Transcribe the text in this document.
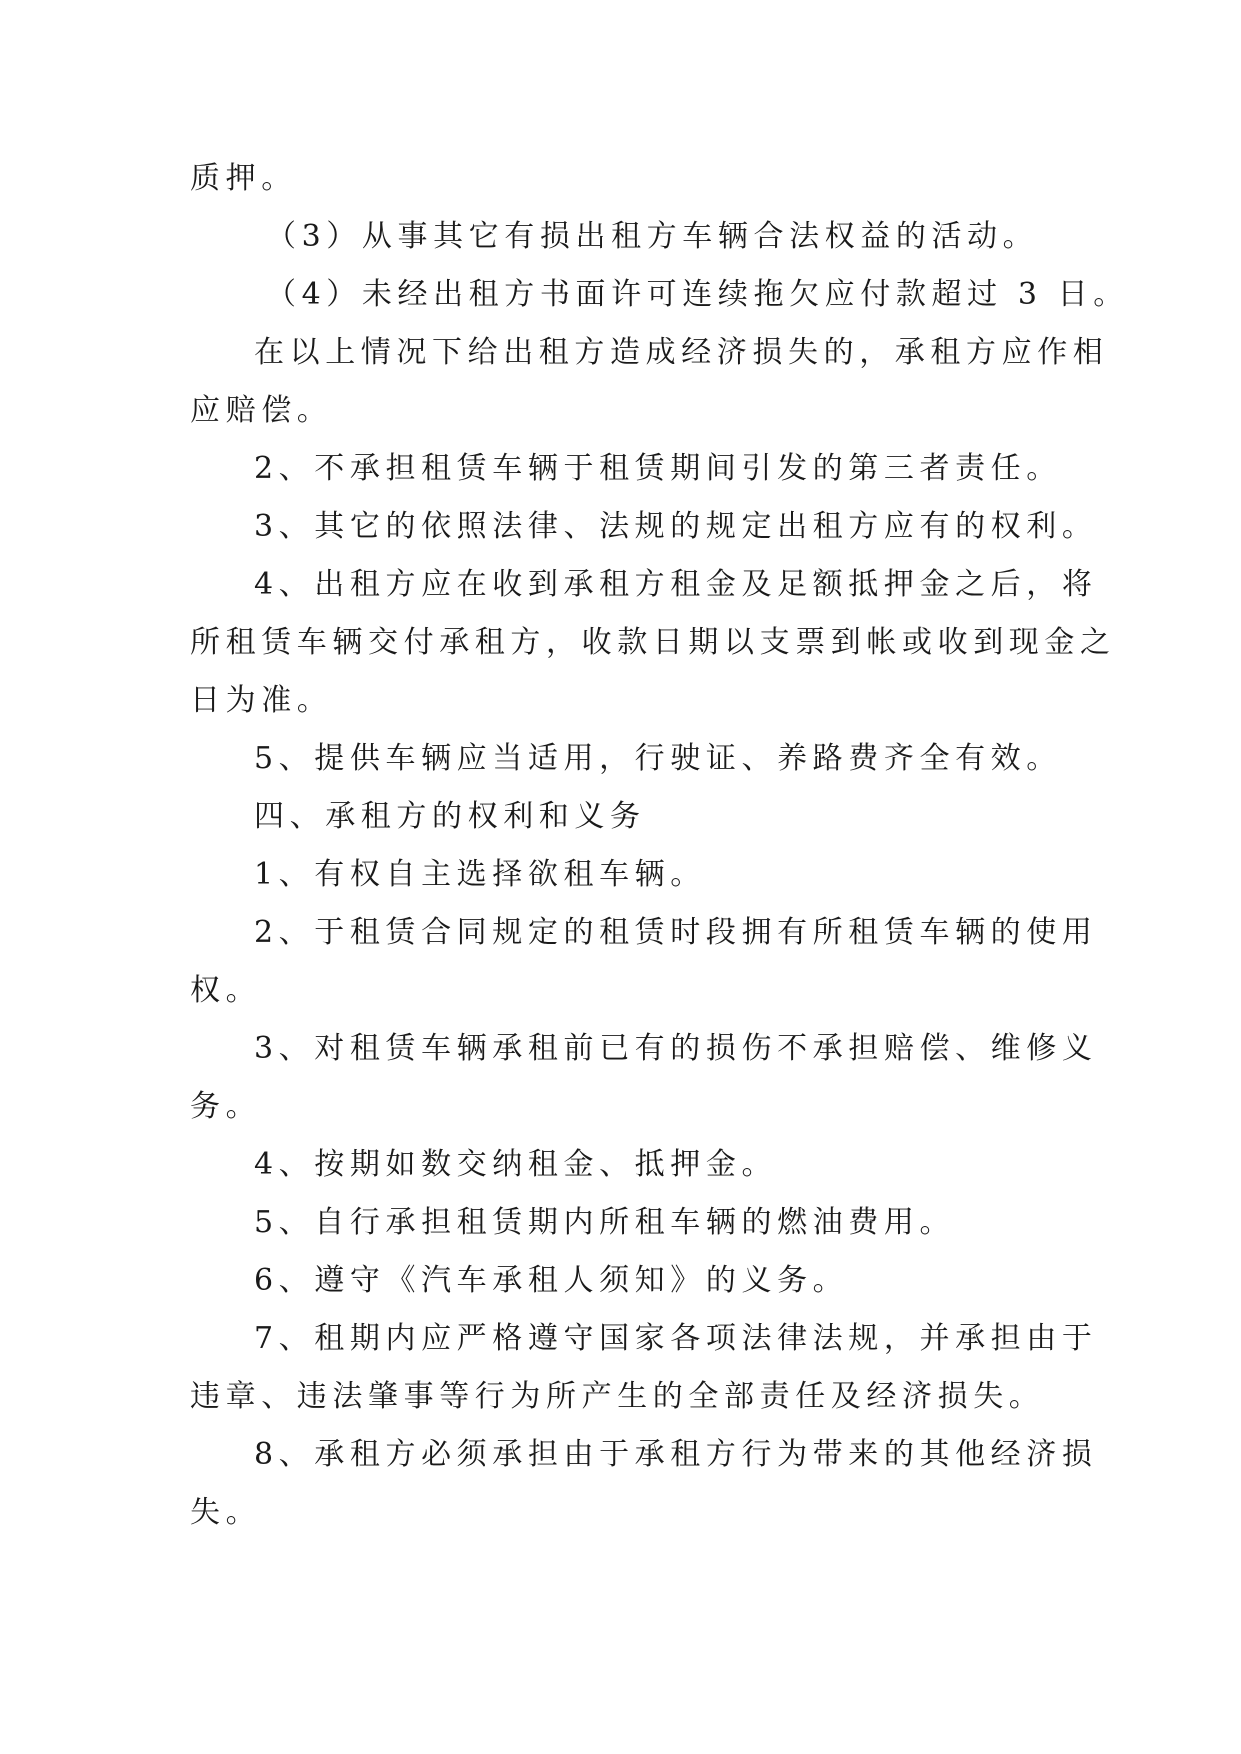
质押。
（3）从事其它有损出租方车辆合法权益的活动。
（4）未经出租方书面许可连续拖欠应付款超过 3 日。
在以上情况下给出租方造成经济损失的，承租方应作相
应赔偿。
2、不承担租赁车辆于租赁期间引发的第三者责任。
3、其它的依照法律、法规的规定出租方应有的权利。
4、出租方应在收到承租方租金及足额抵押金之后，将
所租赁车辆交付承租方，收款日期以支票到帐或收到现金之
日为准。
5、提供车辆应当适用，行驶证、养路费齐全有效。
四、承租方的权利和义务
1、有权自主选择欲租车辆。
2、于租赁合同规定的租赁时段拥有所租赁车辆的使用
权。
3、对租赁车辆承租前已有的损伤不承担赔偿、维修义
务。
4、按期如数交纳租金、抵押金。
5、自行承担租赁期内所租车辆的燃油费用。
6、遵守《汽车承租人须知》的义务。
7、租期内应严格遵守国家各项法律法规，并承担由于
违章、违法肇事等行为所产生的全部责任及经济损失。
8、承租方必须承担由于承租方行为带来的其他经济损
失。
